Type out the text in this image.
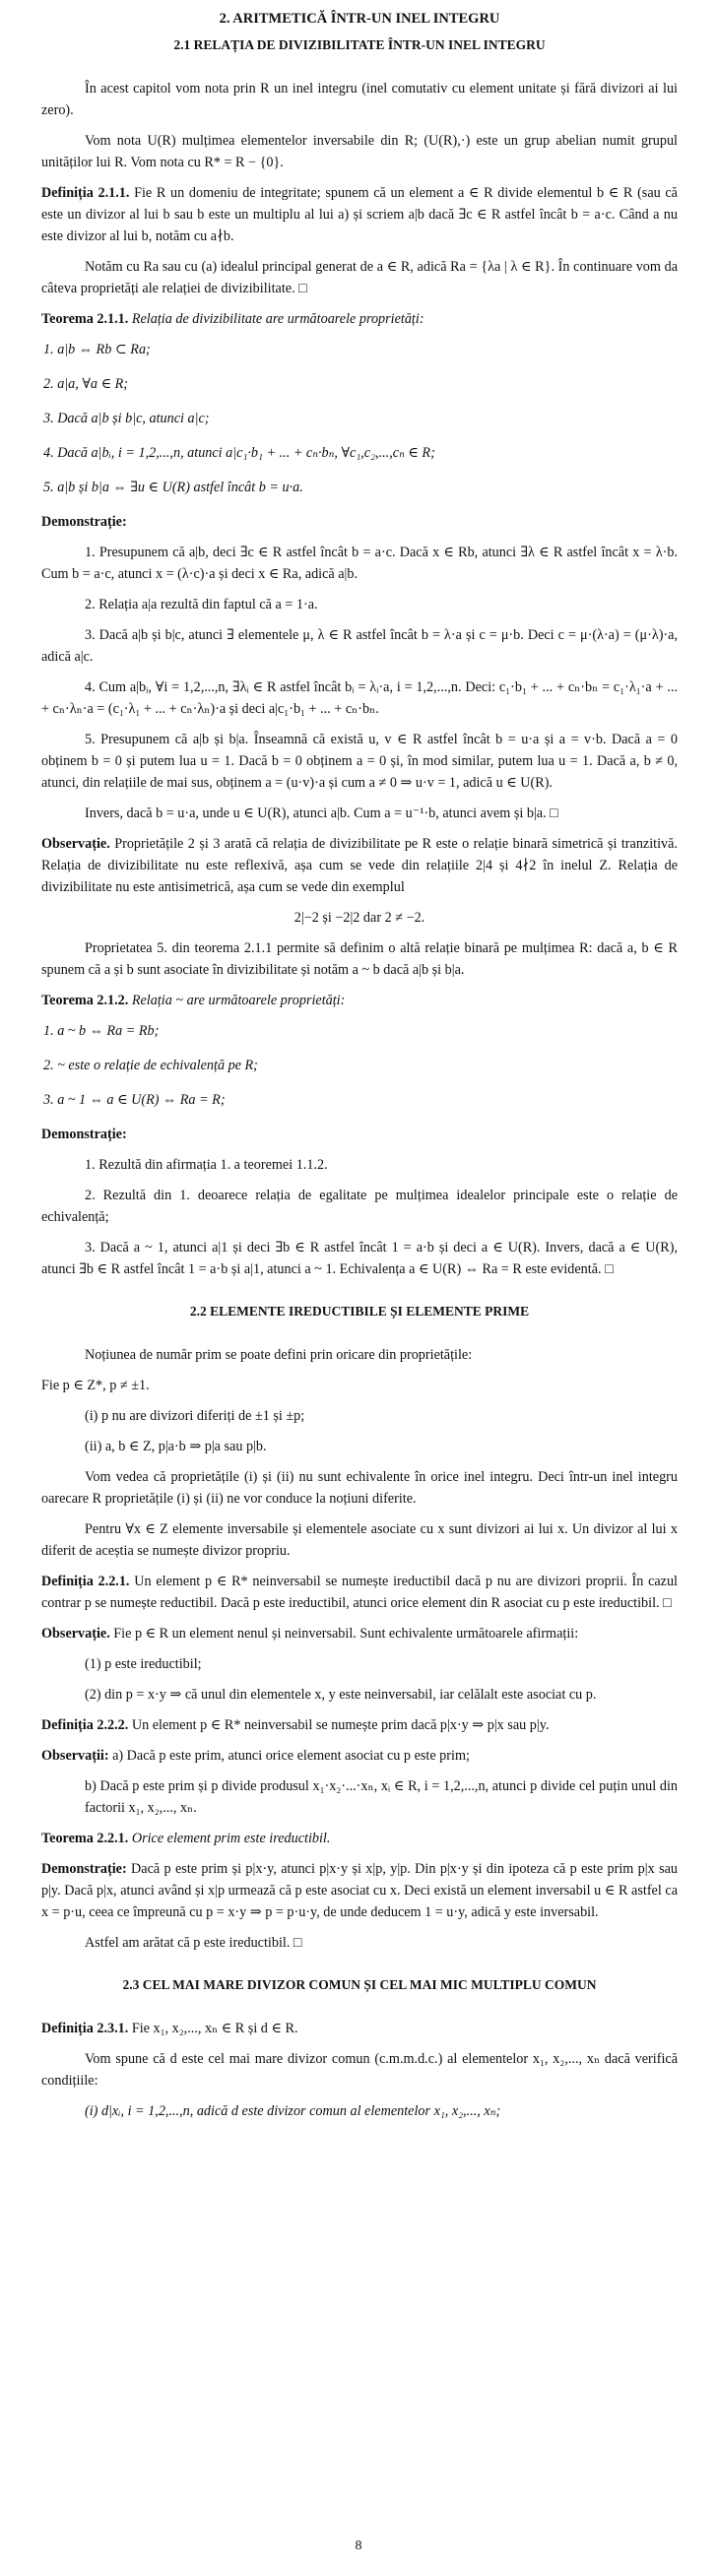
2. ARITMETICĂ ÎNTR-UN INEL INTEGRU
2.1 RELAȚIA DE DIVIZIBILITATE ÎNTR-UN INEL INTEGRU

În acest capitol vom nota prin R un inel integru (inel comutativ cu element unitate și fără divizori ai lui zero).

Vom nota U(R) mulțimea elementelor inversabile din R; (U(R),·) este un grup abelian numit grupul unităților lui R. Vom nota cu R* = R − {0}.

Definiția 2.1.1. Fie R un domeniu de integritate; spunem că un element a ∈ R divide elementul b ∈ R (sau că este un divizor al lui b sau b este un multiplu al lui a) și scriem a|b dacă ∃c ∈ R astfel încât b = a·c. Când a nu este divizor al lui b, notăm cu a∤b.

Notăm cu Ra sau cu (a) idealul principal generat de a ∈ R, adică Ra = {λa | λ ∈ R}. În continuare vom da câteva proprietăți ale relației de divizibilitate. □

Teorema 2.1.1. Relația de divizibilitate are următoarele proprietăți:

1. a|b ⇔ Rb ⊂ Ra;
2. a|a, ∀a ∈ R;
3. Dacă a|b și b|c, atunci a|c;
4. Dacă a|bᵢ, i = 1,2,...,n, atunci a|c₁·b₁ + ... + cₙ·bₙ, ∀c₁,c₂,...,cₙ ∈ R;
5. a|b și b|a ⇔ ∃u ∈ U(R) astfel încât b = u·a.

Demonstrație:

1. Presupunem că a|b, deci ∃c ∈ R astfel încât b = a·c. Dacă x ∈ Rb, atunci ∃λ ∈ R astfel încât x = λ·b. Cum b = a·c, atunci x = (λ·c)·a și deci x ∈ Ra, adică a|b.

2. Relația a|a rezultă din faptul că a = 1·a.

3. Dacă a|b și b|c, atunci ∃ elementele μ, λ ∈ R astfel încât b = λ·a și c = μ·b. Deci c = μ·(λ·a) = (μ·λ)·a, adică a|c.

4. Cum a|bᵢ, ∀i = 1,2,...,n, ∃λᵢ ∈ R astfel încât bᵢ = λᵢ·a, i = 1,2,...,n. Deci: c₁·b₁ + ... + cₙ·bₙ = c₁·λ₁·a + ... + cₙ·λₙ·a = (c₁·λ₁ + ... + cₙ·λₙ)·a și deci a|c₁·b₁ + ... + cₙ·bₙ.

5. Presupunem că a|b și b|a. Înseamnă că există u, v ∈ R astfel încât b = u·a și a = v·b. Dacă a = 0 obținem b = 0 și putem lua u = 1. Dacă b = 0 obținem a = 0 și, în mod similar, putem lua u = 1. Dacă a, b ≠ 0, atunci, din relațiile de mai sus, obținem a = (u·v)·a și cum a ≠ 0 ⇒ u·v = 1, adică u ∈ U(R).

Invers, dacă b = u·a, unde u ∈ U(R), atunci a|b. Cum a = u⁻¹·b, atunci avem și b|a. □

Observație. Proprietățile 2 și 3 arată că relația de divizibilitate pe R este o relație binară simetrică și tranzitivă. Relația de divizibilitate nu este reflexivă, așa cum se vede din relațiile 2|4 și 4∤2 în inelul Z. Relația de divizibilitate nu este antisimetrică, așa cum se vede din exemplul

2|−2 și −2|2 dar 2 ≠ −2.

Proprietatea 5. din teorema 2.1.1 permite să definim o altă relație binară pe mulțimea R: dacă a, b ∈ R spunem că a și b sunt asociate în divizibilitate și notăm a ~ b dacă a|b și b|a.

Teorema 2.1.2. Relația ~ are următoarele proprietăți:

1. a ~ b ⇔ Ra = Rb;
2. ~ este o relație de echivalență pe R;
3. a ~ 1 ⇔ a ∈ U(R) ⇔ Ra = R;

Demonstrație:

1. Rezultă din afirmația 1. a teoremei 1.1.2.

2. Rezultă din 1. deoarece relația de egalitate pe mulțimea idealelor principale este o relație de echivalență;

3. Dacă a ~ 1, atunci a|1 și deci ∃b ∈ R astfel încât 1 = a·b și deci a ∈ U(R). Invers, dacă a ∈ U(R), atunci ∃b ∈ R astfel încât 1 = a·b și a|1, atunci a ~ 1. Echivalența a ∈ U(R) ⇔ Ra = R este evidentă. □

2.2 ELEMENTE IREDUCTIBILE ȘI ELEMENTE PRIME

Noțiunea de număr prim se poate defini prin oricare din proprietățile:

Fie p ∈ Z*, p ≠ ±1.

(i) p nu are divizori diferiți de ±1 și ±p;

(ii) a, b ∈ Z, p|a·b ⇒ p|a sau p|b.

Vom vedea că proprietățile (i) și (ii) nu sunt echivalente în orice inel integru. Deci într-un inel integru oarecare R proprietățile (i) și (ii) ne vor conduce la noțiuni diferite.

Pentru ∀x ∈ Z elemente inversabile și elementele asociate cu x sunt divizori ai lui x. Un divizor al lui x diferit de aceștia se numește divizor propriu.

Definiția 2.2.1. Un element p ∈ R* neinversabil se numește ireductibil dacă p nu are divizori proprii. În cazul contrar p se numește reductibil. Dacă p este ireductibil, atunci orice element din R asociat cu p este ireductibil. □

Observație. Fie p ∈ R un element nenul și neinversabil. Sunt echivalente următoarele afirmații:

(1) p este ireductibil;

(2) din p = x·y ⇒ că unul din elementele x, y este neinversabil, iar celălalt este asociat cu p.

Definiția 2.2.2. Un element p ∈ R* neinversabil se numește prim dacă p|x·y ⇒ p|x sau p|y.

Observații: a) Dacă p este prim, atunci orice element asociat cu p este prim;

b) Dacă p este prim și p divide produsul x₁·x₂·...·xₙ, xᵢ ∈ R, i = 1,2,...,n, atunci p divide cel puțin unul din factorii x₁, x₂,..., xₙ.

Teorema 2.2.1. Orice element prim este ireductibil.

Demonstrație: Dacă p este prim și p|x·y, atunci p|x·y și x|p, y|p. Din p|x·y și din ipoteza că p este prim p|x sau p|y. Dacă p|x, atunci având și x|p urmează că p este asociat cu x. Deci există un element inversabil u ∈ R astfel ca x = p·u, ceea ce împreună cu p = x·y ⇒ p = p·u·y, de unde deducem 1 = u·y, adică y este inversabil.

Astfel am arătat că p este ireductibil. □

2.3 CEL MAI MARE DIVIZOR COMUN ȘI CEL MAI MIC MULTIPLU COMUN

Definiția 2.3.1. Fie x₁, x₂,..., xₙ ∈ R și d ∈ R.

Vom spune că d este cel mai mare divizor comun (c.m.m.d.c.) al elementelor x₁, x₂,..., xₙ dacă verifică condițiile:

(i) d|xᵢ, i = 1,2,...,n, adică d este divizor comun al elementelor x₁, x₂,..., xₙ;

8
